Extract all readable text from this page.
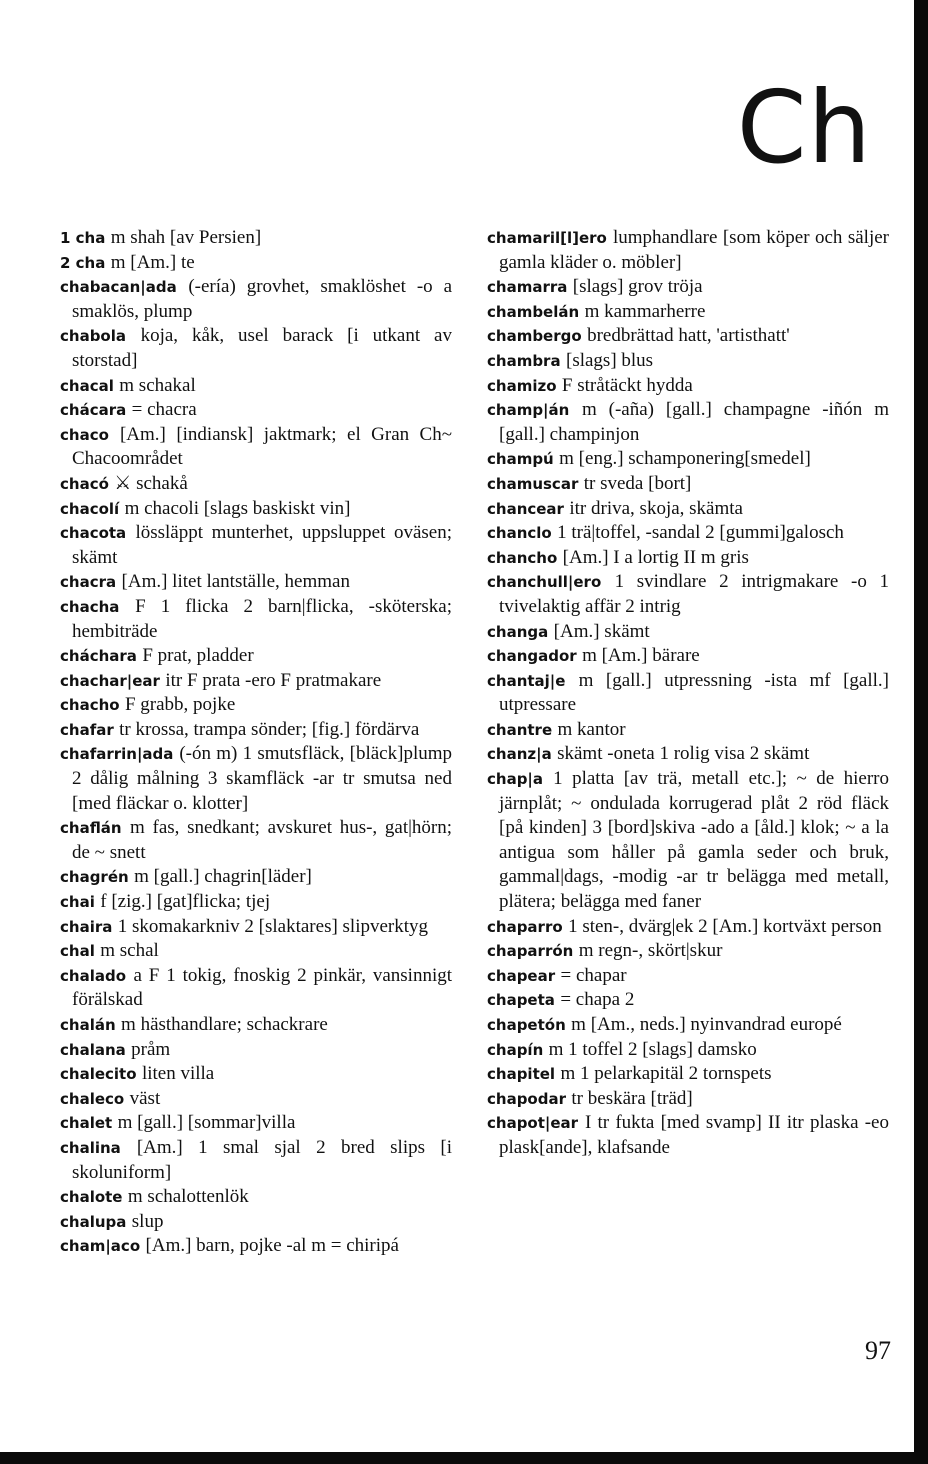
Ch

1 cha m shah [av Persien]

2 cha m [Am.] te

chabacan|ada (-ería) grovhet, smaklöshet -o a smaklös, plump

chabola koja, kåk, usel barack [i utkant av storstad]

chacal m schakal

chácara = chacra

chaco [Am.] [indiansk] jaktmark; el Gran Ch~ Chacoområdet

chacó ⚔ schakå

chacolí m chacoli [slags baskiskt vin]

chacota lössläppt munterhet, uppsluppet oväsen; skämt

chacra [Am.] litet lantställe, hemman

chacha F 1 flicka 2 barn|flicka, -sköterska; hembiträde

cháchara F prat, pladder

chachar|ear itr F prata -ero F pratmakare

chacho F grabb, pojke

chafar tr krossa, trampa sönder; [fig.] fördärva

chafarrin|ada (-ón m) 1 smutsfläck, [bläck]plump 2 dålig målning 3 skamfläck -ar tr smutsa ned [med fläckar o. klotter]

chaflán m fas, snedkant; avskuret hus-, gat|hörn; de ~ snett

chagrén m [gall.] chagrin[läder]

chai f [zig.] [gat]flicka; tjej

chaira 1 skomakarkniv 2 [slaktares] slipverktyg

chal m schal

chalado a F 1 tokig, fnoskig 2 pinkär, vansinnigt förälskad

chalán m hästhandlare; schackrare

chalana pråm

chalecito liten villa

chaleco väst

chalet m [gall.] [sommar]villa

chalina [Am.] 1 smal sjal 2 bred slips [i skoluniform]

chalote m schalottenlök

chalupa slup

cham|aco [Am.] barn, pojke -al m = chiripá

chamaril[l]ero lumphandlare [som köper och säljer gamla kläder o. möbler]

chamarra [slags] grov tröja

chambelán m kammarherre

chambergo bredbrättad hatt, 'artisthatt'

chambra [slags] blus

chamizo F stråtäckt hydda

champ|án m (-aña) [gall.] champagne -iñón m [gall.] champinjon

champú m [eng.] schamponering[smedel]

chamuscar tr sveda [bort]

chancear itr driva, skoja, skämta

chanclo 1 trä|toffel, -sandal 2 [gummi]galosch

chancho [Am.] I a lortig II m gris

chanchull|ero 1 svindlare 2 intrigmakare -o 1 tvivelaktig affär 2 intrig

changa [Am.] skämt

changador m [Am.] bärare

chantaj|e m [gall.] utpressning -ista mf [gall.] utpressare

chantre m kantor

chanz|a skämt -oneta 1 rolig visa 2 skämt

chap|a 1 platta [av trä, metall etc.]; ~ de hierro järnplåt; ~ ondulada korrugerad plåt 2 röd fläck [på kinden] 3 [bord]skiva -ado a [åld.] klok; ~ a la antigua som håller på gamla seder och bruk, gammal|dags, -modig -ar tr belägga med metall, plätera; belägga med faner

chaparro 1 sten-, dvärg|ek 2 [Am.] kortväxt person

chaparrón m regn-, skört|skur

chapear = chapar

chapeta = chapa 2

chapetón m [Am., neds.] nyinvandrad europé

chapín m 1 toffel 2 [slags] damsko

chapitel m 1 pelarkapitäl 2 tornspets

chapodar tr beskära [träd]

chapot|ear I tr fukta [med svamp] II itr plaska -eo plask[ande], klafsande

97
